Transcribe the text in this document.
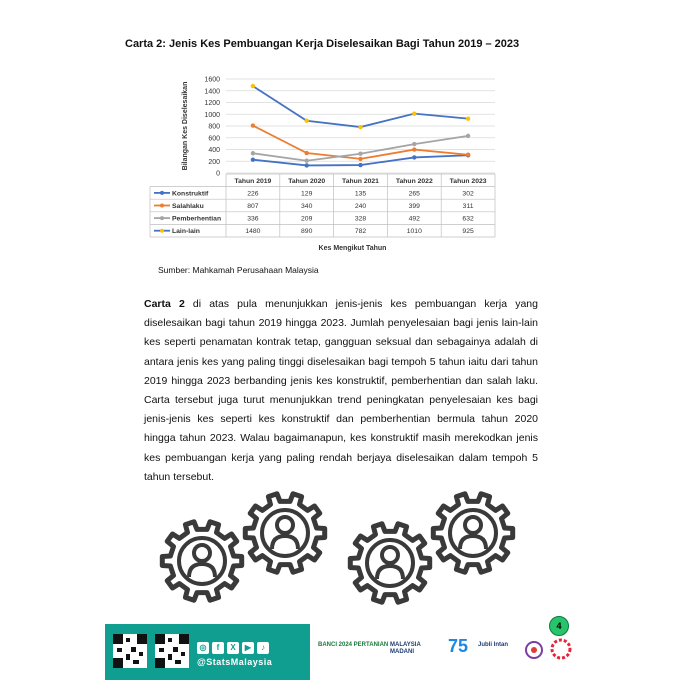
Carta 2: Jenis Kes Pembuangan Kerja Diselesaikan Bagi Tahun 2019 – 2023
0
200
400
600
800
1000
1200
1400
1600
Bilangan Kes Diselesaikan
Tahun 2019 Tahun 2020 Tahun 2021 Tahun 2022 Tahun 2023
Konstruktif	226	129	135	265	302
Salahlaku	807	340	240	399	311
Pemberhentian	336	209	328	492	632
Lain-lain	1480	890	782	1010	925
Kes Mengikut Tahun
Sumber: Mahkamah Perusahaan Malaysia
Carta 2 di atas pula menunjukkan jenis-jenis kes pembuangan kerja yang diselesaikan bagi tahun 2019 hingga 2023. Jumlah penyelesaian bagi jenis lain-lain kes seperti penamatan kontrak tetap, gangguan seksual dan sebagainya adalah di antara jenis kes yang paling tinggi diselesaikan bagi tempoh 5 tahun iaitu dari tahun 2019 hingga 2023 berbanding jenis kes konstruktif, pemberhentian dan salah laku. Carta tersebut juga turut menunjukkan trend peningkatan penyelesaian kes bagi jenis-jenis kes seperti kes konstruktif dan pemberhentian bermula tahun 2020 hingga tahun 2023. Walau bagaimanapun, kes konstruktif masih merekodkan jenis kes pembuangan kerja yang paling rendah berjaya diselesaikan dalam tempoh 5 tahun tersebut.
◎	f	X	▶	♪
@StatsMalaysia
BANCI 2024 PERTANIAN MALAYSIA MADANI	75 Jubli Intan
4
